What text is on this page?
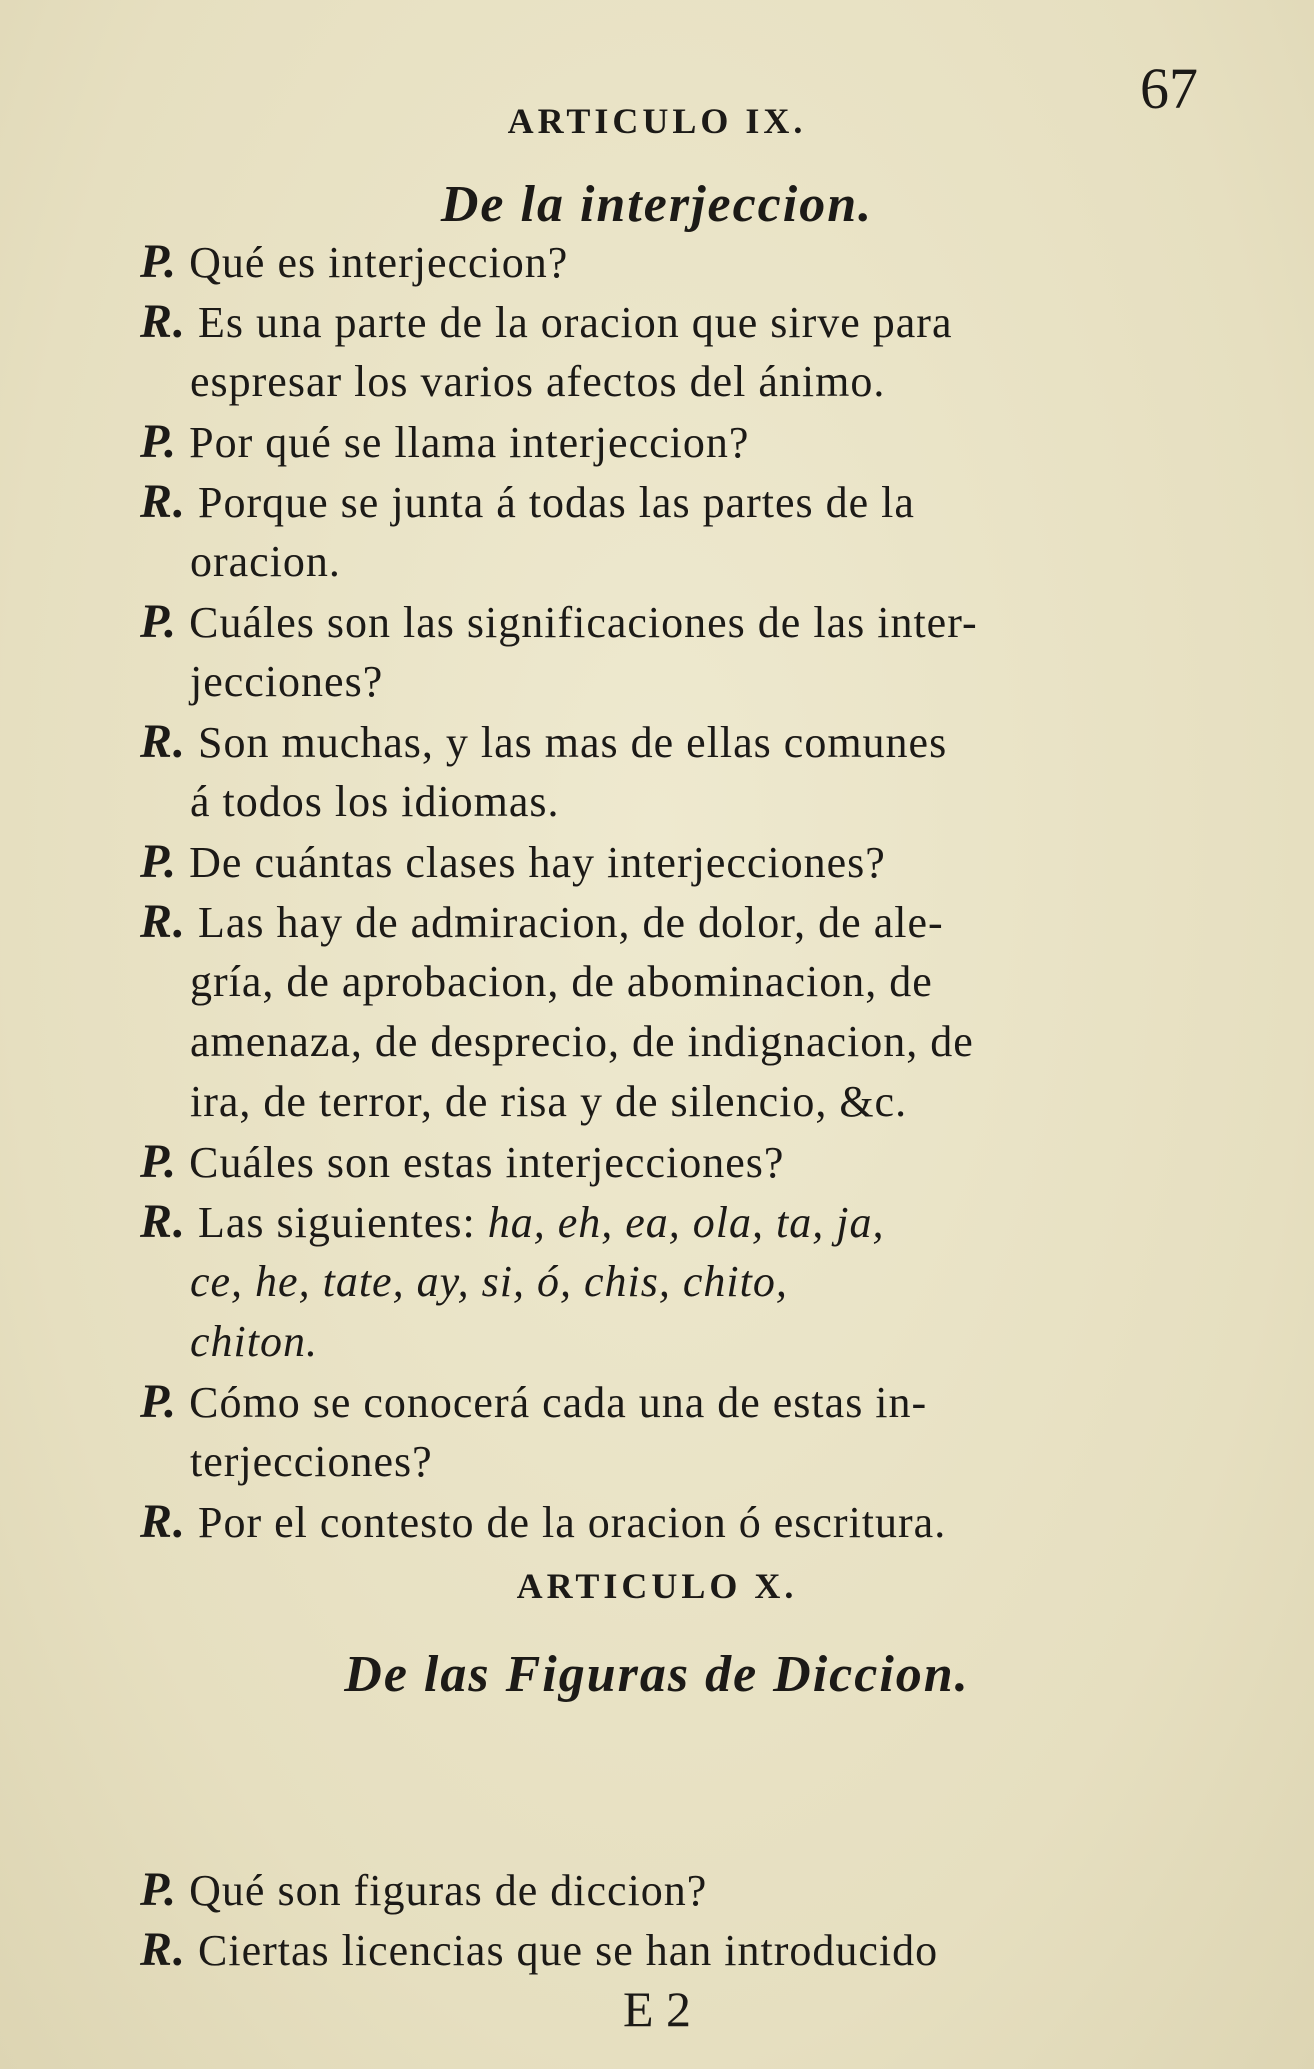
67
ARTICULO IX.
De la interjeccion.
P. Qué es interjeccion?
R. Es una parte de la oracion que sirve para
espresar los varios afectos del ánimo.
P. Por qué se llama interjeccion?
R. Porque se junta á todas las partes de la
oracion.
P. Cuáles son las significaciones de las inter-
jecciones?
R. Son muchas, y las mas de ellas comunes
á todos los idiomas.
P. De cuántas clases hay interjecciones?
R. Las hay de admiracion, de dolor, de ale-
gría, de aprobacion, de abominacion, de
amenaza, de desprecio, de indignacion, de
ira, de terror, de risa y de silencio, &c.
P. Cuáles son estas interjecciones?
R. Las siguientes: ha, eh, ea, ola, ta, ja,
ce, he, tate, ay, si, ó, chis, chito,
chiton.
P. Cómo se conocerá cada una de estas in-
terjecciones?
R. Por el contesto de la oracion ó escritura.
ARTICULO X.
De las Figuras de Diccion.
P. Qué son figuras de diccion?
R. Ciertas licencias que se han introducido
E 2
